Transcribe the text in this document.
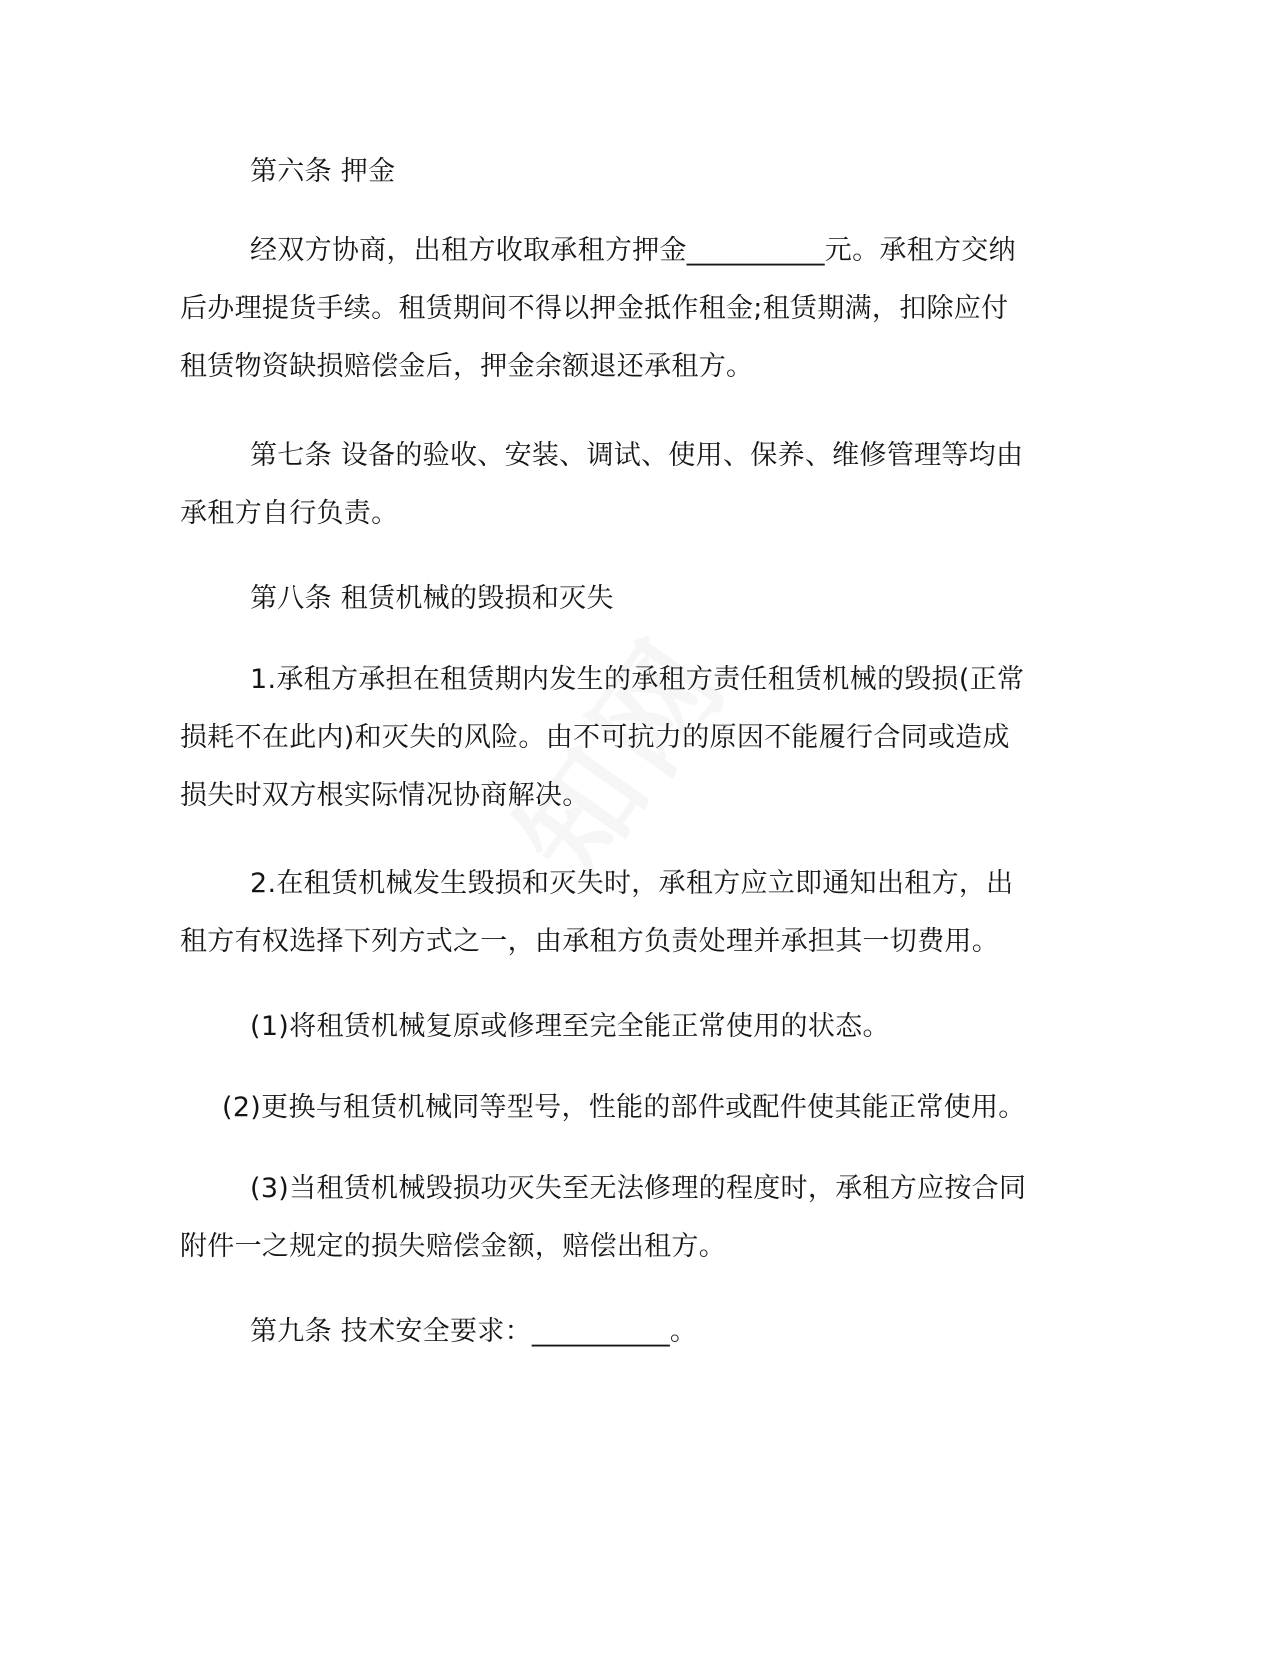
第六条 押金

经双方协商，出租方收取承租方押金__________元。承租方交纳
后办理提货手续。租赁期间不得以押金抵作租金;租赁期满，扣除应付
租赁物资缺损赔偿金后，押金余额退还承租方。

第七条 设备的验收、安装、调试、使用、保养、维修管理等均由
承租方自行负责。

第八条 租赁机械的毁损和灭失

1.承租方承担在租赁期内发生的承租方责任租赁机械的毁损(正常
损耗不在此内)和灭失的风险。由不可抗力的原因不能履行合同或造成
损失时双方根实际情况协商解决。

2.在租赁机械发生毁损和灭失时，承租方应立即通知出租方，出
租方有权选择下列方式之一，由承租方负责处理并承担其一切费用。

(1)将租赁机械复原或修理至完全能正常使用的状态。

(2)更换与租赁机械同等型号，性能的部件或配件使其能正常使用。

(3)当租赁机械毁损功灭失至无法修理的程度时，承租方应按合同
附件一之规定的损失赔偿金额，赔偿出租方。

第九条 技术安全要求：__________。
